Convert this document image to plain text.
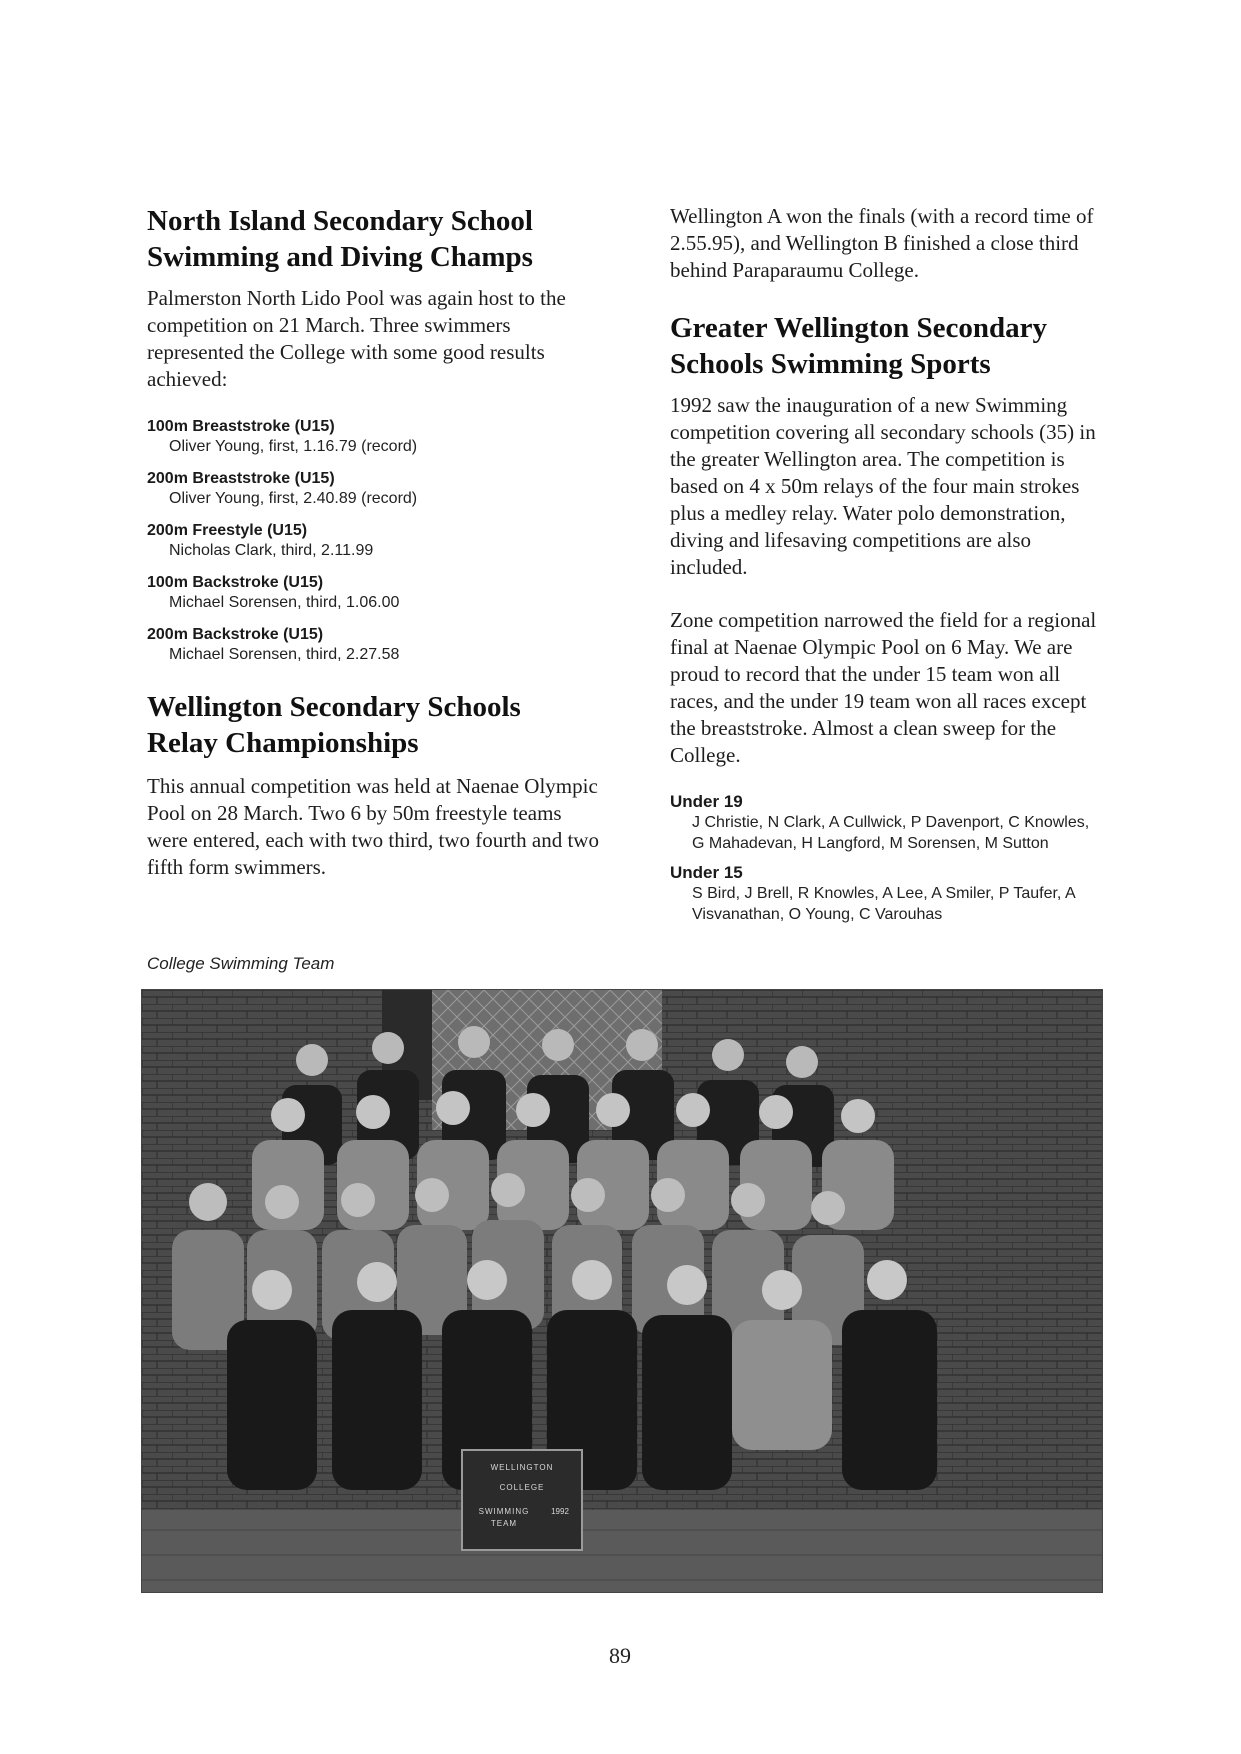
North Island Secondary School
Swimming and Diving Champs

Palmerston North Lido Pool was again host to the competition on 21 March. Three swimmers represented the College with some good results achieved:

100m Breaststroke (U15)
Oliver Young, first, 1.16.79 (record)
200m Breaststroke (U15)
Oliver Young, first, 2.40.89 (record)
200m Freestyle (U15)
Nicholas Clark, third, 2.11.99
100m Backstroke (U15)
Michael Sorensen, third, 1.06.00
200m Backstroke (U15)
Michael Sorensen, third, 2.27.58
Wellington Secondary Schools
Relay Championships

This annual competition was held at Naenae Olympic Pool on 28 March. Two 6 by 50m freestyle teams were entered, each with two third, two fourth and two fifth form swimmers.

Wellington A won the finals (with a record time of 2.55.95), and Wellington B finished a close third behind Paraparaumu College.

Greater Wellington Secondary
Schools Swimming Sports

1992 saw the inauguration of a new Swimming competition covering all secondary schools (35) in the greater Wellington area. The competition is based on 4 x 50m relays of the four main strokes plus a medley relay. Water polo demonstration, diving and lifesaving competitions are also included.

Zone competition narrowed the field for a regional final at Naenae Olympic Pool on 6 May. We are proud to record that the under 15 team won all races, and the under 19 team won all races except the breaststroke. Almost a clean sweep for the College.

Under 19
J Christie, N Clark, A Cullwick, P Davenport, C Knowles, G Mahadevan, H Langford, M Sorensen, M Sutton
Under 15
S Bird, J Brell, R Knowles, A Lee, A Smiler, P Taufer, A Visvanathan, O Young, C Varouhas
College Swimming Team
WELLINGTON
COLLEGE
SWIMMING	1992
TEAM
89
